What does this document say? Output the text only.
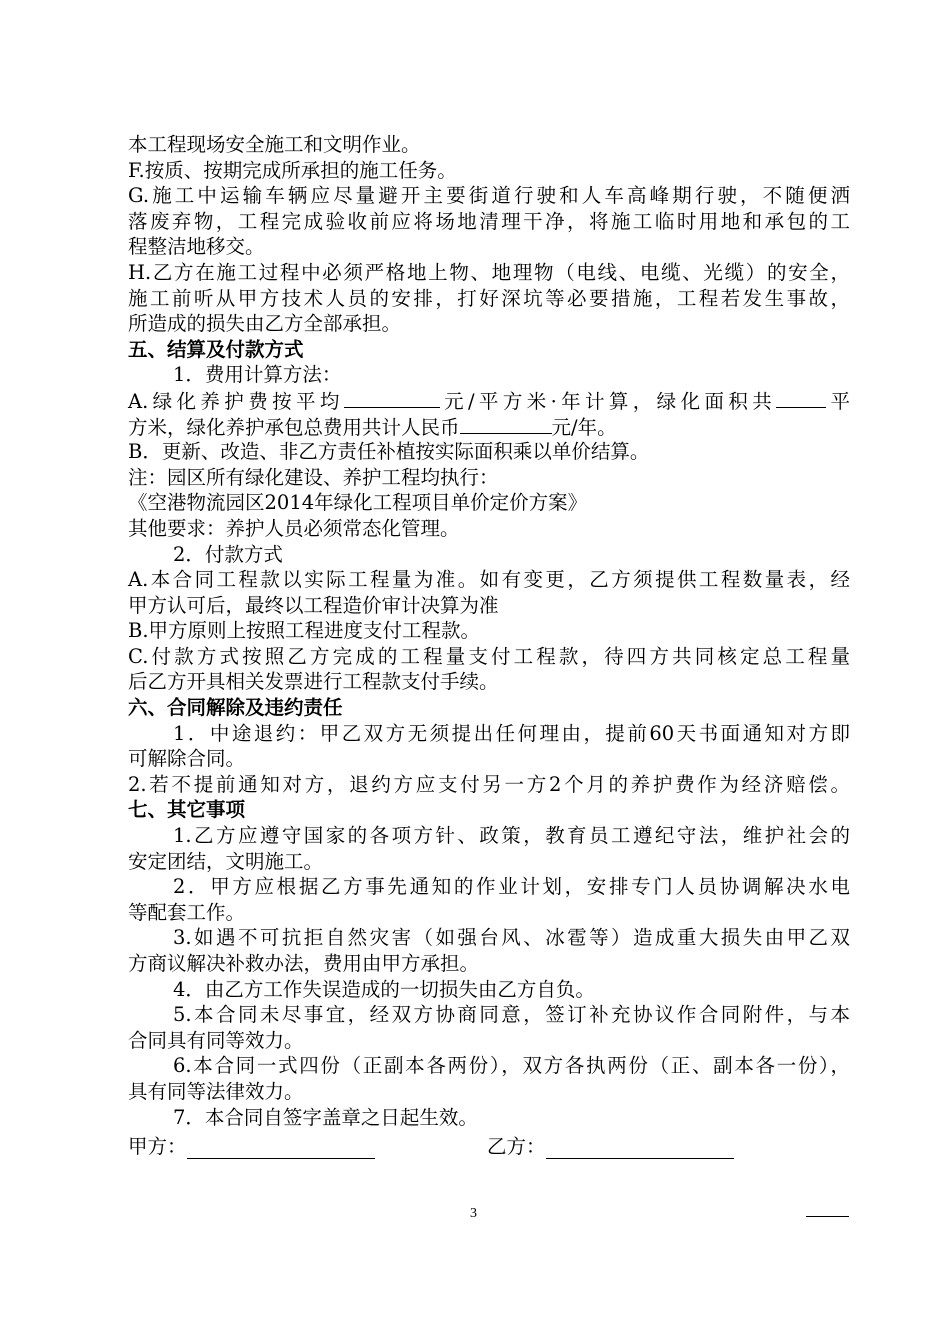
本工程现场安全施工和文明作业。
F.按质、按期完成所承担的施工任务。
G.施工中运输车辆应尽量避开主要街道行驶和人车高峰期行驶，不随便洒
落废弃物，工程完成验收前应将场地清理干净，将施工临时用地和承包的工
程整洁地移交。
H.乙方在施工过程中必须严格地上物、地理物（电线、电缆、光缆）的安全，
施工前听从甲方技术人员的安排，打好深坑等必要措施，工程若发生事故，
所造成的损失由乙方全部承担。
五、结算及付款方式
1．费用计算方法：
A.绿化养护费按平均	元/平方米·年计算，绿化面积共	平
方米，绿化养护承包总费用共计人民币	元/年。
B．更新、改造、非乙方责任补植按实际面积乘以单价结算。
注：园区所有绿化建设、养护工程均执行：
《空港物流园区2014年绿化工程项目单价定价方案》
其他要求：养护人员必须常态化管理。
2．付款方式
A.本合同工程款以实际工程量为准。如有变更，乙方须提供工程数量表，经
甲方认可后，最终以工程造价审计决算为准
B.甲方原则上按照工程进度支付工程款。
C.付款方式按照乙方完成的工程量支付工程款，待四方共同核定总工程量
后乙方开具相关发票进行工程款支付手续。
六、合同解除及违约责任
1．中途退约：甲乙双方无须提出任何理由，提前60天书面通知对方即
可解除合同。
2.若不提前通知对方，退约方应支付另一方2个月的养护费作为经济赔偿。
七、其它事项
1.乙方应遵守国家的各项方针、政策，教育员工遵纪守法，维护社会的
安定团结，文明施工。
2．甲方应根据乙方事先通知的作业计划，安排专门人员协调解决水电
等配套工作。
3.如遇不可抗拒自然灾害（如强台风、冰雹等）造成重大损失由甲乙双
方商议解决补救办法，费用由甲方承担。
4．由乙方工作失误造成的一切损失由乙方自负。
5.本合同未尽事宜，经双方协商同意，签订补充协议作合同附件，与本
合同具有同等效力。
6.本合同一式四份（正副本各两份），双方各执两份（正、副本各一份），
具有同等法律效力。
7．本合同自签字盖章之日起生效。
甲方：	乙方：
3
